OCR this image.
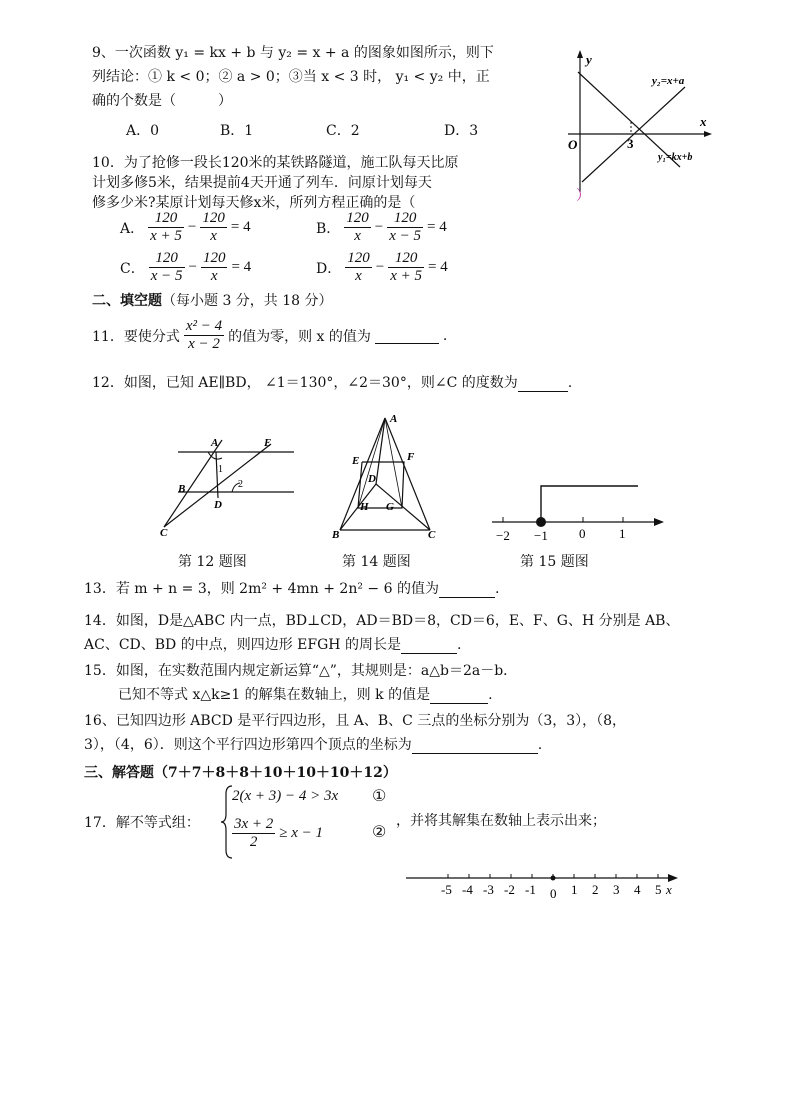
9、一次函数 y₁ = kx + b 与 y₂ = x + a 的图象如图所示，则下
列结论：① k < 0；② a > 0；③当 x < 3 时， y₁ < y₂ 中，正
确的个数是（　　　）
A．0	B．1	C．2	D．3
y
x
O	3
y₂=x+a
y₁=kx+b
）
10．为了抢修一段长120米的某铁路隧道，施工队每天比原
计划多修5米，结果提前4天开通了列车．问原计划每天
修多少米?某原计划每天修x米，所列方程正确的是（
A． $\frac{120}{x + 5} - \frac{120}{x} = 4$	B． $\frac{120}{x} - \frac{120}{x - 5} = 4$
C． $\frac{120}{x - 5} - \frac{120}{x} = 4$	D． $\frac{120}{x} - \frac{120}{x + 5} = 4$
二、填空题（每小题 3 分，共 18 分）
11．要使分式 $\frac{\text{x² − 4}}{x - 2}$ 的值为零，则 x 的值为
	.
12．如图，已知 AE∥BD， ∠1＝130°，∠2＝30°，则∠C 的度数为	.
A	E
B
D
C
1
2
第 12 题图
A
E	F
D
H G
B	C
第 14 题图
−2 −1 0	1
第 15 题图
13．若 m + n = 3，则 2m² + 4mn + 2n² − 6 的值为	.
14．如图，D是△ABC 内一点，BD⊥CD，AD＝BD＝8，CD＝6，E、F、G、H 分别是 AB、
AC、CD、BD 的中点，则四边形 EFGH 的周长是	.
15．如图，在实数范围内规定新运算“△”，其规则是：a△b＝2a－b．
已知不等式 x△k≥1 的解集在数轴上，则 k 的值是	.
16、已知四边形 ABCD 是平行四边形，且 A、B、C 三点的坐标分别为（3，3），（8，
3），（4，6）．则这个平行四边形第四个顶点的坐标为	.
三、解答题（7＋7＋8＋8＋10＋10＋10＋12）
17．解不等式组：
2(x + 3) − 4 > 3x ①
$\frac{3x + 2}{2} \ge x - 1$	②
，并将其解集在数轴上表示出来；
-5 -4 -3 -2 -1 0 1 2 3 4 5 x
